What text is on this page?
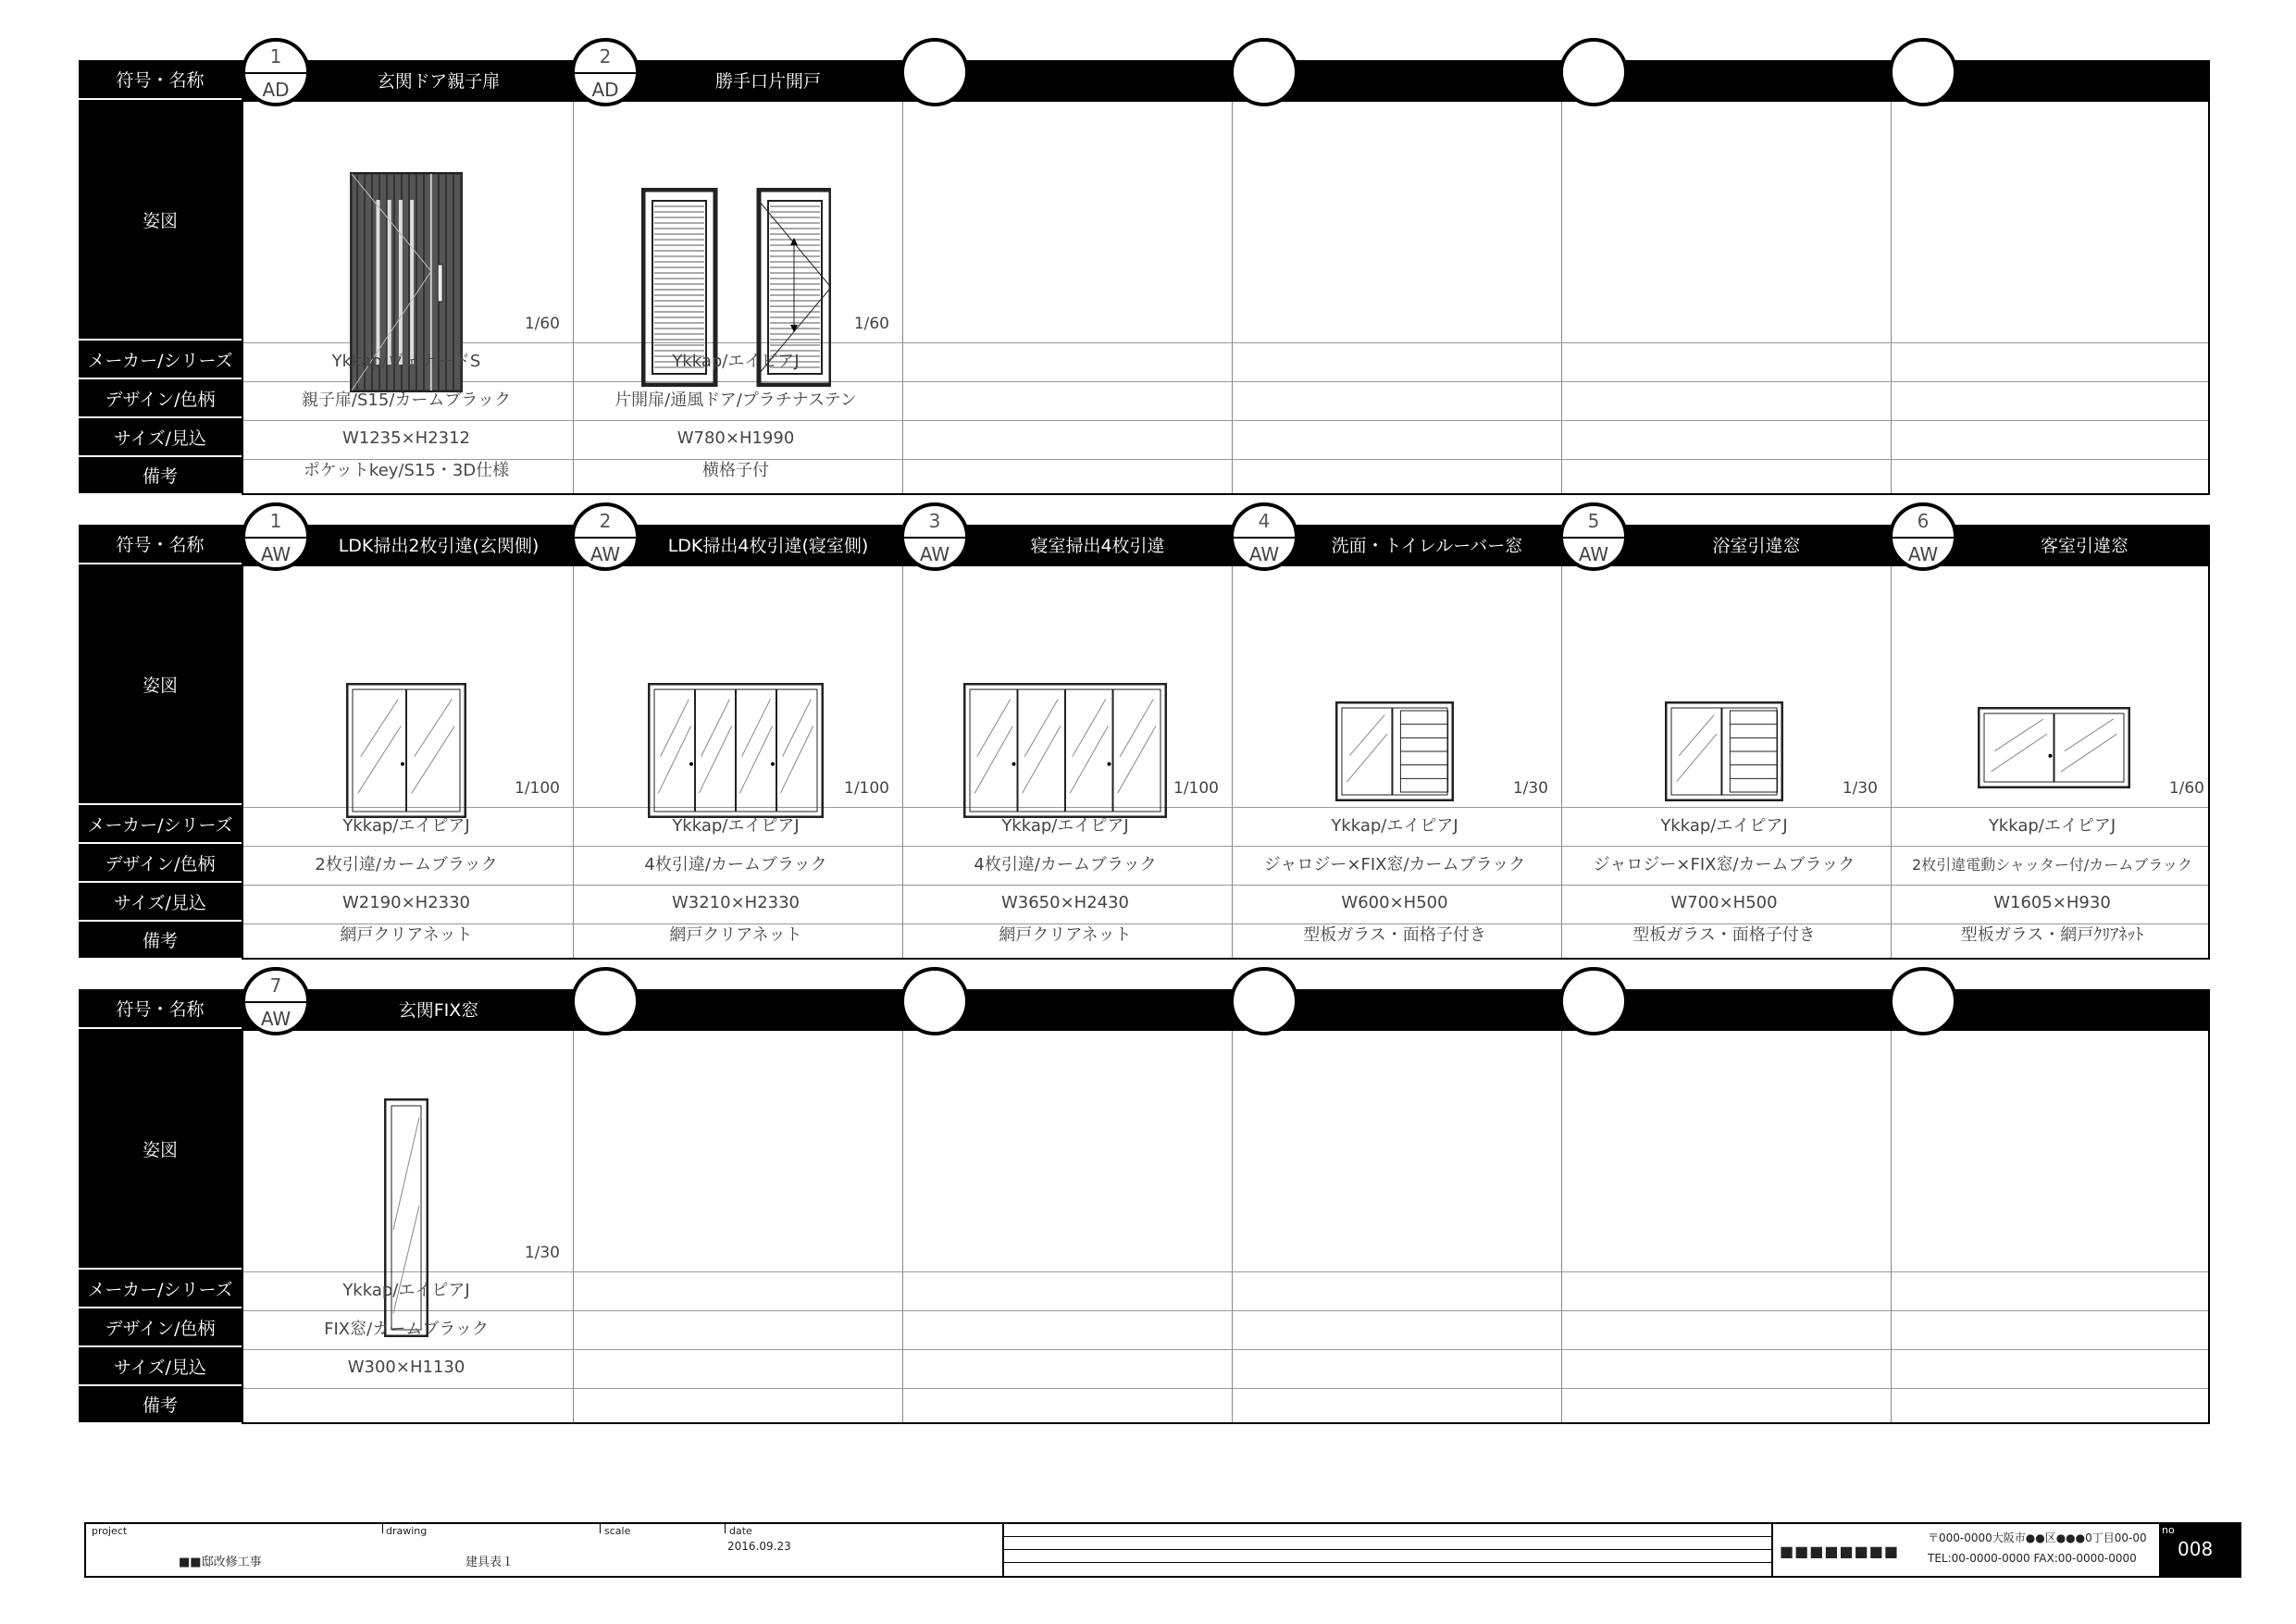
符号・名称
姿図
メーカー/シリーズ
デザイン/色柄
サイズ/見込
備考
玄関ドア親子扉
1
AD
1/60
Ykkap/ヴェナードS
親子扉/S15/カームブラック
W1235×H2312
ポケットkey/S15・3D仕様
勝手口片開戸
2
AD
1/60
Ykkap/エイピアJ
片開扉/通風ドア/プラチナステン
W780×H1990
横格子付
符号・名称
姿図
メーカー/シリーズ
デザイン/色柄
サイズ/見込
備考
LDK掃出2枚引違(玄関側)
1
AW
1/100
Ykkap/エイピアJ
2枚引違/カームブラック
W2190×H2330
網戸クリアネット
LDK掃出4枚引違(寝室側)
2
AW
1/100
Ykkap/エイピアJ
4枚引違/カームブラック
W3210×H2330
網戸クリアネット
寝室掃出4枚引違
3
AW
1/100
Ykkap/エイピアJ
4枚引違/カームブラック
W3650×H2430
網戸クリアネット
洗面・トイレルーバー窓
4
AW
1/30
Ykkap/エイピアJ
ジャロジー×FIX窓/カームブラック
W600×H500
型板ガラス・面格子付き
浴室引違窓
5
AW
1/30
Ykkap/エイピアJ
ジャロジー×FIX窓/カームブラック
W700×H500
型板ガラス・面格子付き
客室引違窓
6
AW
1/60
Ykkap/エイピアJ
2枚引違電動シャッター付/カームブラック
W1605×H930
型板ガラス・網戸ｸﾘｱﾈｯﾄ
符号・名称
姿図
メーカー/シリーズ
デザイン/色柄
サイズ/見込
備考
玄関FIX窓
7
AW
1/30
Ykkap/エイピアJ
FIX窓/カームブラック
W300×H1130
project
■■邸改修工事
drawing
建具表１
scale	date
2016.09.23	■■■■■■■■
〒000-0000大阪市●●区●●●0丁目00-00
TEL:00-0000-0000 FAX:00-0000-0000
no
008
